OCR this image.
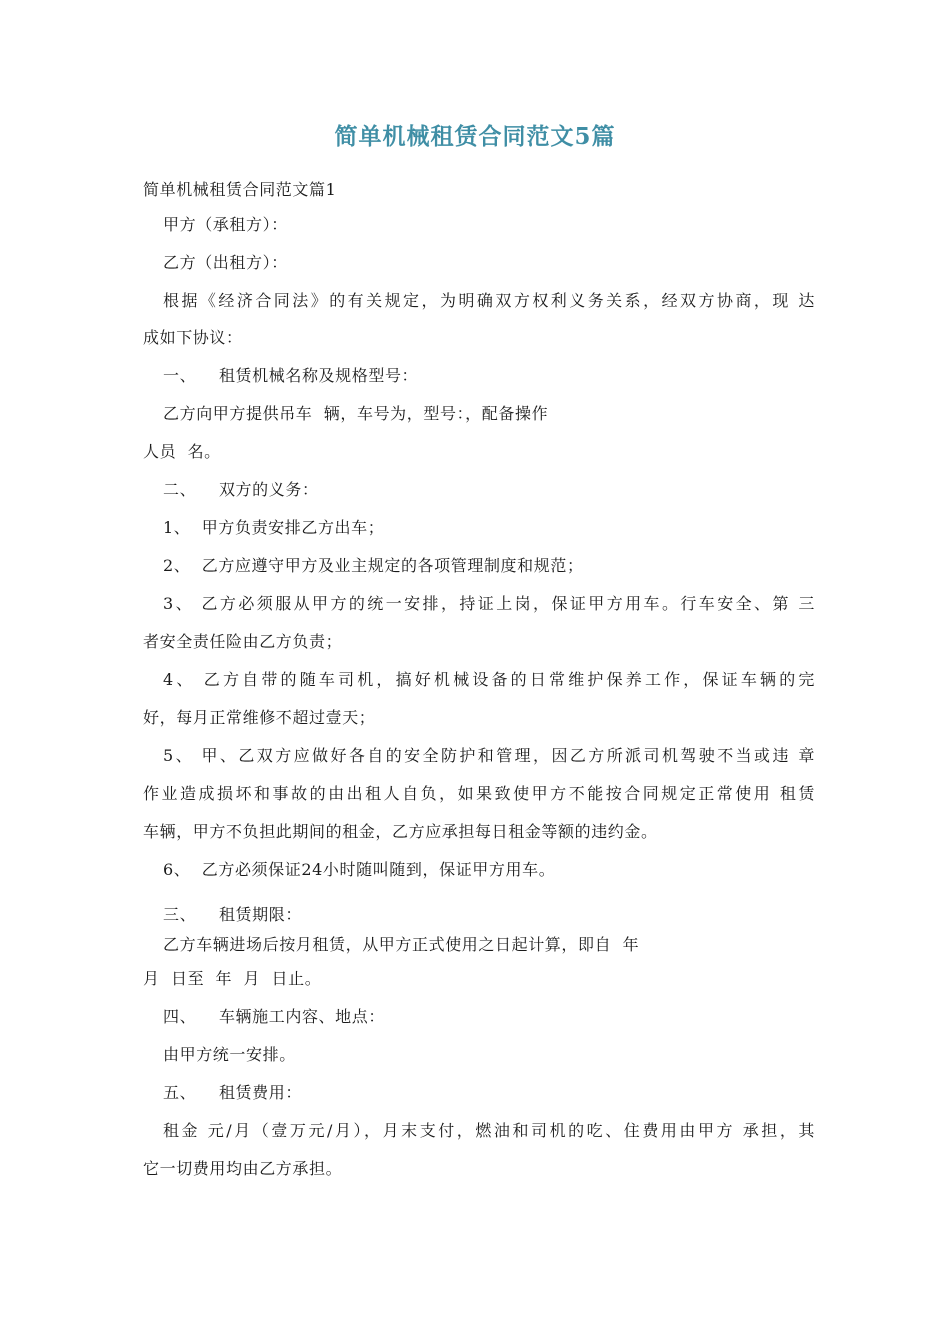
简单机械租赁合同范文5篇
简单机械租赁合同范文篇1
甲方（承租方）：
乙方（出租方）：
根据《经济合同法》的有关规定，为明确双方权利义务关系，经双方协商，现 达
成如下协议：
一、    租赁机械名称及规格型号：
乙方向甲方提供吊车  辆，车号为，型号：，配备操作
人员  名。
二、    双方的义务：
1、  甲方负责安排乙方出车；
2、  乙方应遵守甲方及业主规定的各项管理制度和规范；
3、 乙方必须服从甲方的统一安排，持证上岗，保证甲方用车。行车安全、第 三
者安全责任险由乙方负责；
4、 乙方自带的随车司机，搞好机械设备的日常维护保养工作，保证车辆的完
好，每月正常维修不超过壹天；
5、 甲、乙双方应做好各自的安全防护和管理，因乙方所派司机驾驶不当或违 章
作业造成损坏和事故的由出租人自负，如果致使甲方不能按合同规定正常使用 租赁
车辆，甲方不负担此期间的租金，乙方应承担每日租金等额的违约金。
6、  乙方必须保证24小时随叫随到，保证甲方用车。
三、    租赁期限：
乙方车辆进场后按月租赁，从甲方正式使用之日起计算，即自  年
月  日至  年  月  日止。
四、    车辆施工内容、地点：
由甲方统一安排。
五、    租赁费用：
租金 元/月（壹万元/月），月末支付，燃油和司机的吃、住费用由甲方 承担，其
它一切费用均由乙方承担。
